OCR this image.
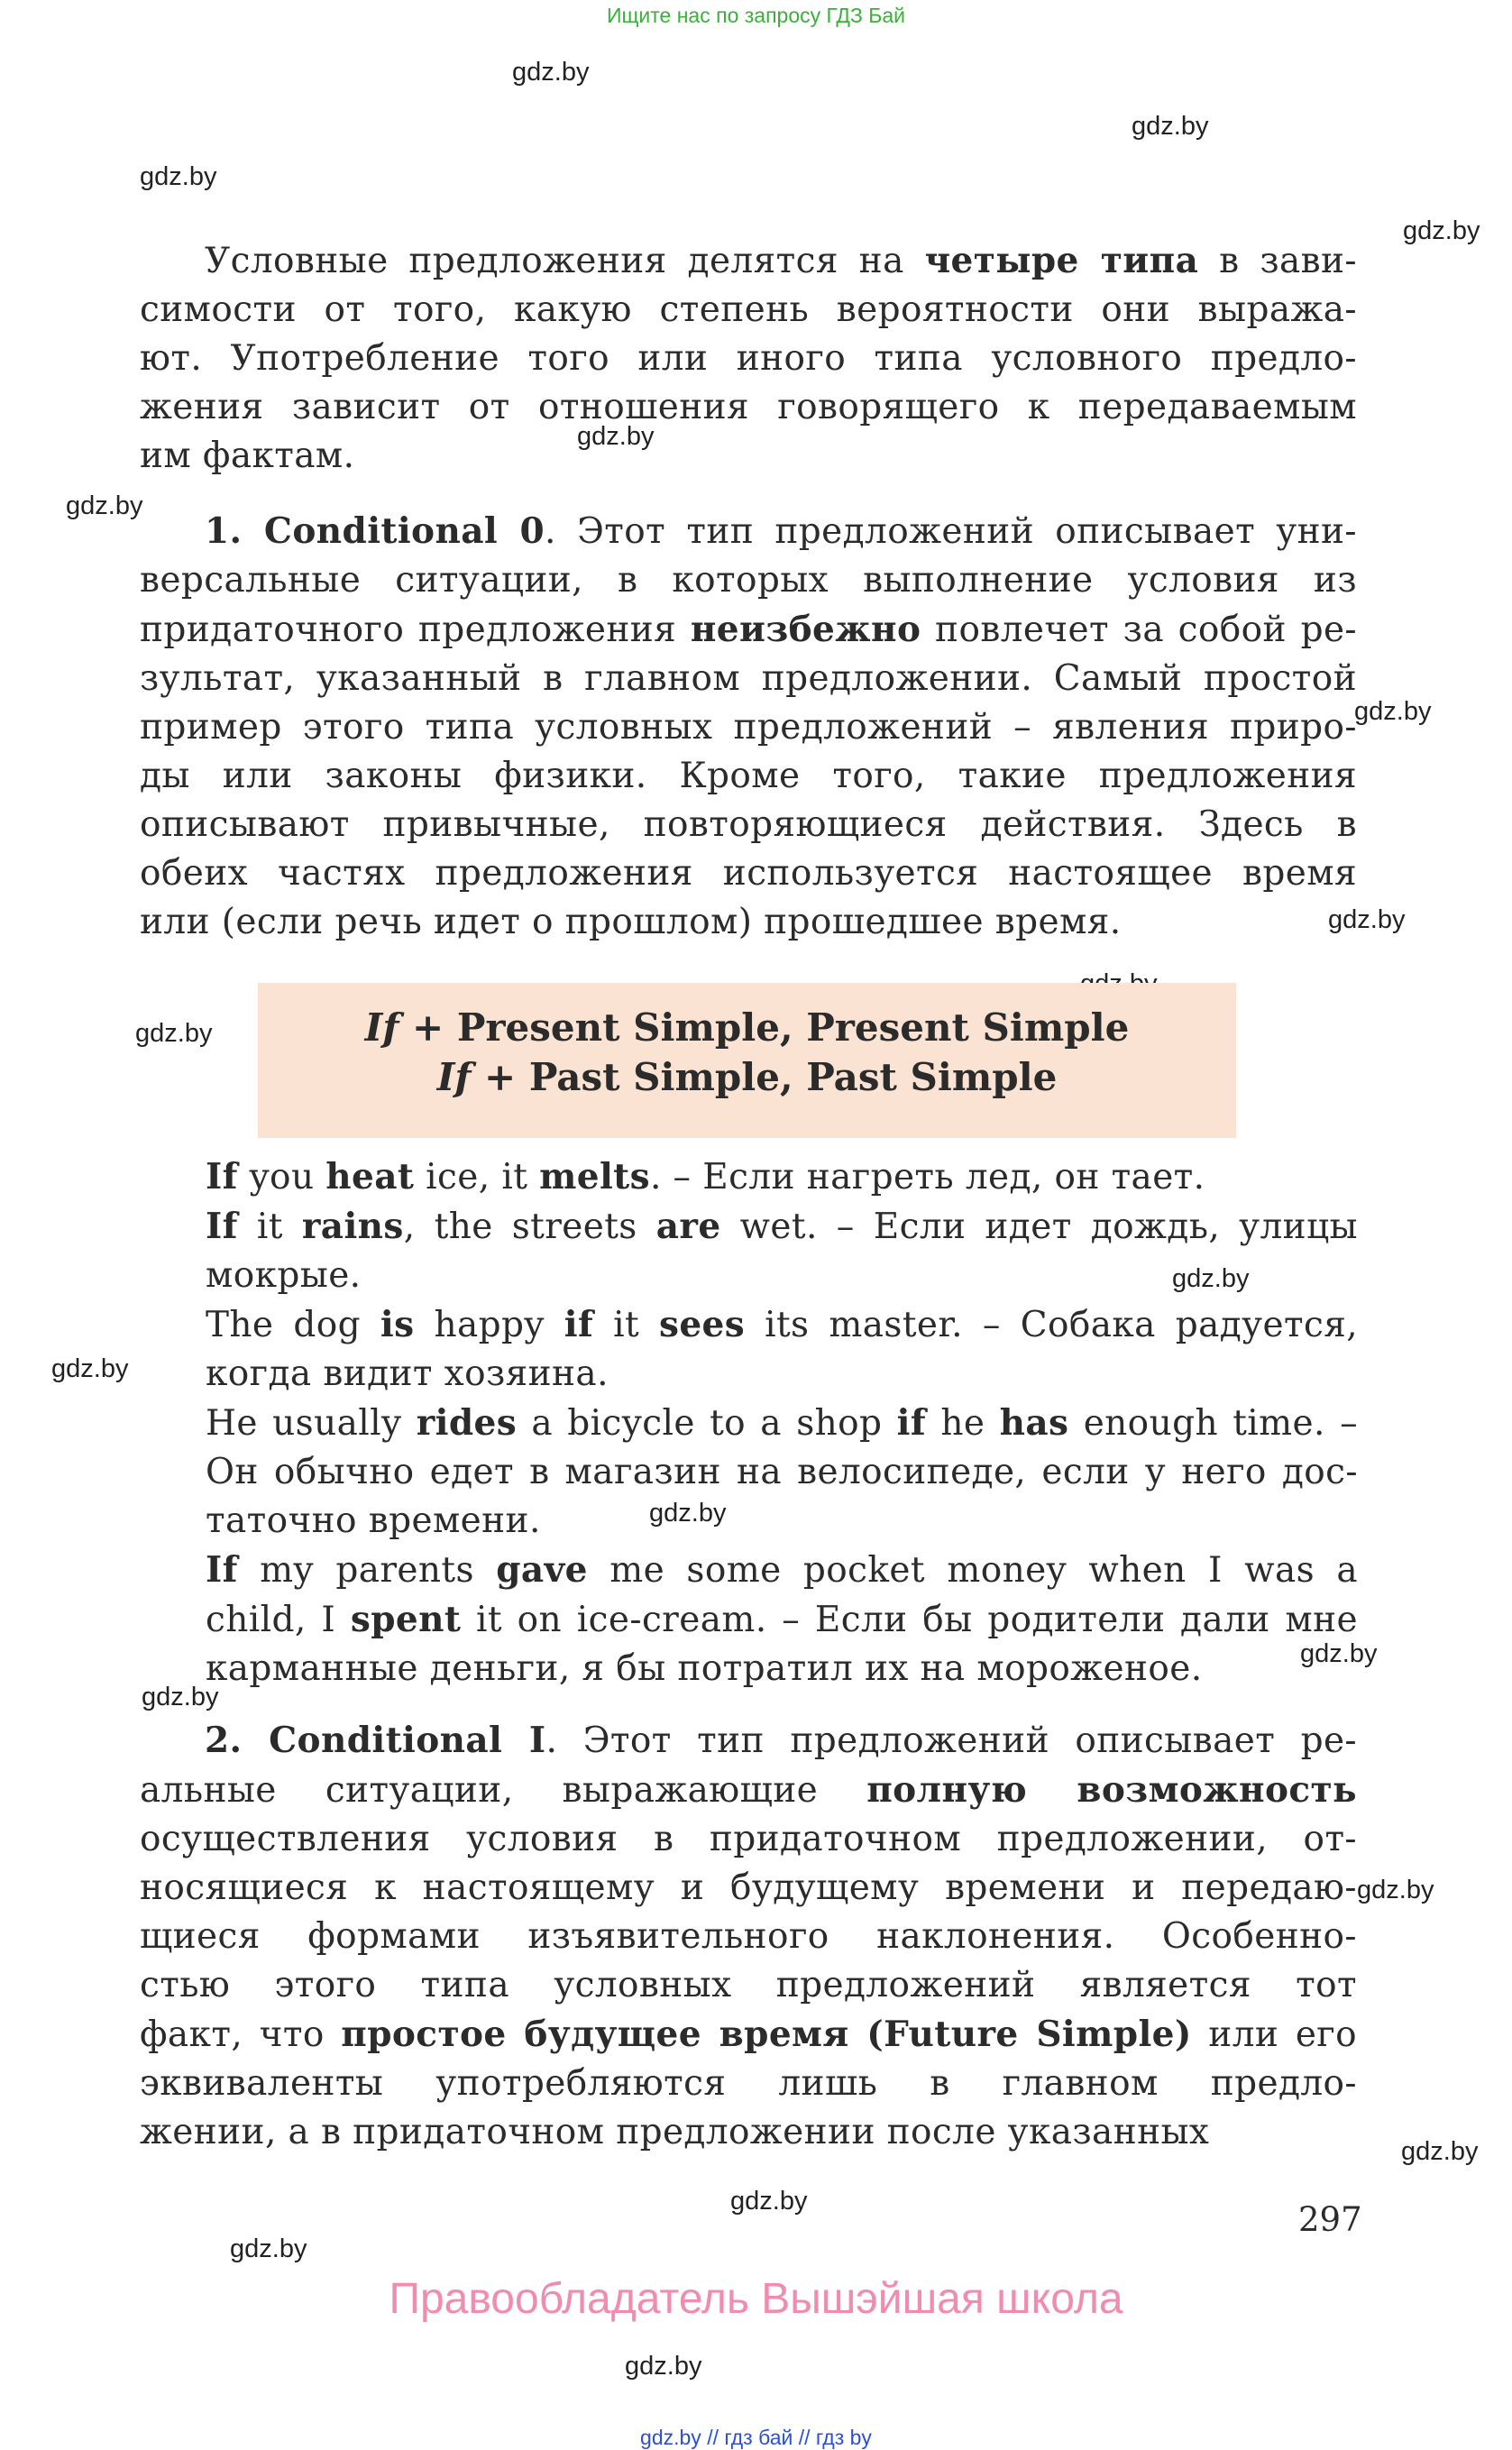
Ищите нас по запросу ГДЗ Бай
gdz.by
gdz.by
gdz.by
gdz.by
gdz.by
gdz.by
gdz.by
gdz.by
gdz.by
gdz.by
gdz.by
gdz.by
gdz.by
gdz.by
gdz.by
gdz.by
gdz.by
gdz.by
gdz.by
Условные предложения делятся на четыре типа в зави-
симости от того, какую степень вероятности они выража-
ют. Употребление того или иного типа условного предло-
жения зависит от отношения говорящего к передаваемым
им фактам.
1. Conditional 0. Этот тип предложений описывает уни-
версальные ситуации, в которых выполнение условия из
придаточного предложения неизбежно повлечет за собой ре-
зультат, указанный в главном предложении. Самый простой
пример этого типа условных предложений – явления приро-
ды или законы физики. Кроме того, такие предложения
описывают привычные, повторяющиеся действия. Здесь в
обеих частях предложения используется настоящее время
или (если речь идет о прошлом) прошедшее время.
If + Present Simple, Present Simple
If + Past Simple, Past Simple
If you heat ice, it melts. – Если нагреть лед, он тает.
If it rains, the streets are wet. – Если идет дождь, улицы
мокрые.
The dog is happy if it sees its master. – Собака радуется,
когда видит хозяина.
He usually rides a bicycle to a shop if he has enough time. –
Он обычно едет в магазин на велосипеде, если у него дос-
таточно времени.
If my parents gave me some pocket money when I was a
child, I spent it on ice-cream. – Если бы родители дали мне
карманные деньги, я бы потратил их на мороженое.
2. Conditional I. Этот тип предложений описывает ре-
альные ситуации, выражающие полную возможность
осуществления условия в придаточном предложении, от-
носящиеся к настоящему и будущему времени и передаю-
щиеся формами изъявительного наклонения. Особенно-
стью этого типа условных предложений является тот
факт, что простое будущее время (Future Simple) или его
эквиваленты употребляются лишь в главном предло-
жении, а в придаточном предложении после указанных
297
Правообладатель Вышэйшая школа
gdz.by // гдз бай // гдз by
